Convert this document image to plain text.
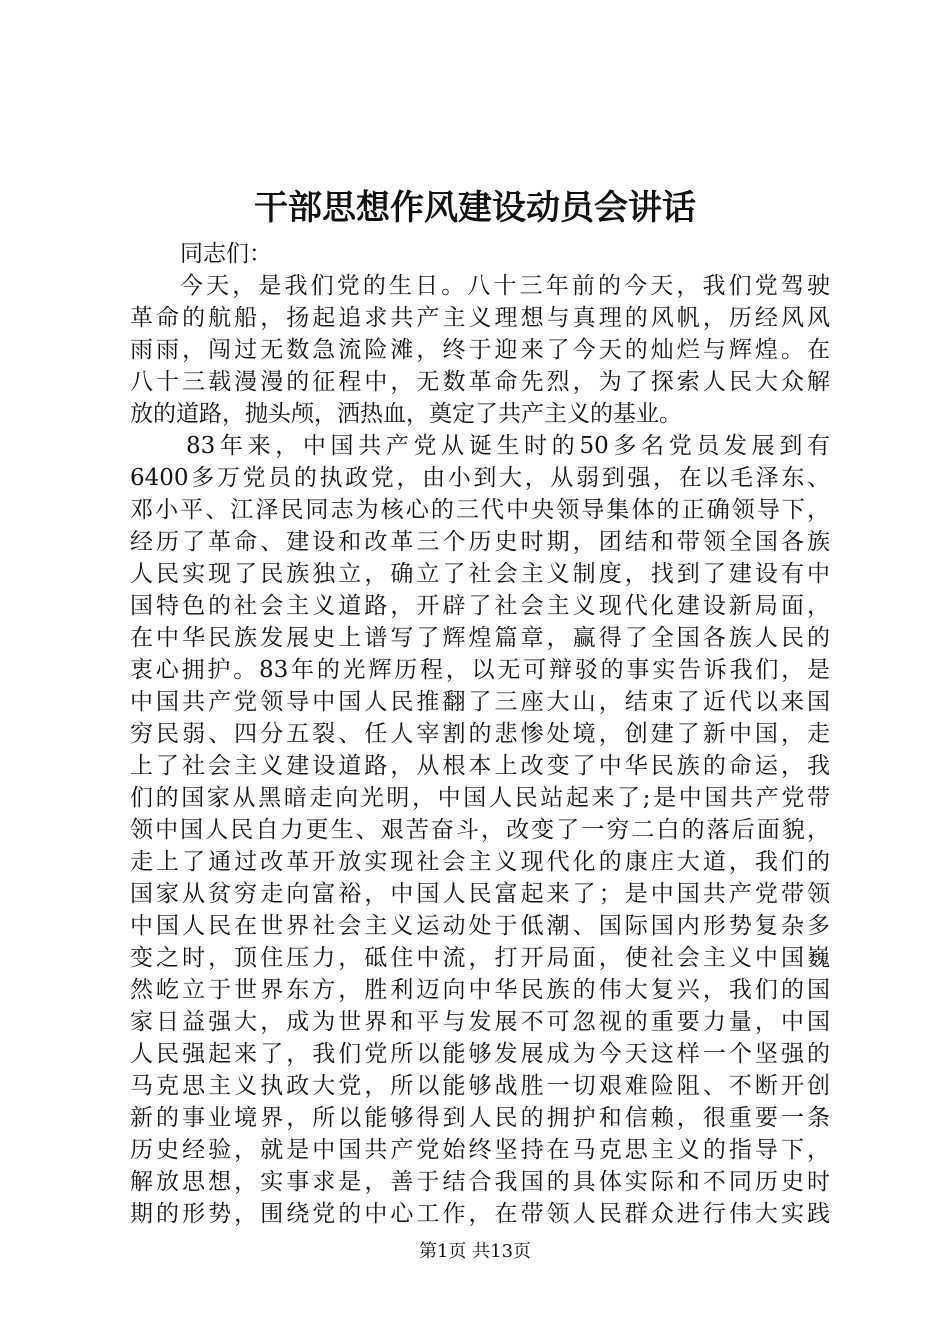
干部思想作风建设动员会讲话
同志们：
今天，是我们党的生日。八十三年前的今天，我们党驾驶
革命的航船，扬起追求共产主义理想与真理的风帆，历经风风
雨雨，闯过无数急流险滩，终于迎来了今天的灿烂与辉煌。在
八十三载漫漫的征程中，无数革命先烈，为了探索人民大众解
放的道路，抛头颅，洒热血，奠定了共产主义的基业。
83年来，中国共产党从诞生时的50多名党员发展到有
6400多万党员的执政党，由小到大，从弱到强，在以毛泽东、
邓小平、江泽民同志为核心的三代中央领导集体的正确领导下，
经历了革命、建设和改革三个历史时期，团结和带领全国各族
人民实现了民族独立，确立了社会主义制度，找到了建设有中
国特色的社会主义道路，开辟了社会主义现代化建设新局面，
在中华民族发展史上谱写了辉煌篇章，赢得了全国各族人民的
衷心拥护。83年的光辉历程，以无可辩驳的事实告诉我们，是
中国共产党领导中国人民推翻了三座大山，结束了近代以来国
穷民弱、四分五裂、任人宰割的悲惨处境，创建了新中国，走
上了社会主义建设道路，从根本上改变了中华民族的命运，我
们的国家从黑暗走向光明，中国人民站起来了;是中国共产党带
领中国人民自力更生、艰苦奋斗，改变了一穷二白的落后面貌，
走上了通过改革开放实现社会主义现代化的康庄大道，我们的
国家从贫穷走向富裕，中国人民富起来了；是中国共产党带领
中国人民在世界社会主义运动处于低潮、国际国内形势复杂多
变之时，顶住压力，砥住中流，打开局面，使社会主义中国巍
然屹立于世界东方，胜利迈向中华民族的伟大复兴，我们的国
家日益强大，成为世界和平与发展不可忽视的重要力量，中国
人民强起来了，我们党所以能够发展成为今天这样一个坚强的
马克思主义执政大党，所以能够战胜一切艰难险阻、不断开创
新的事业境界，所以能够得到人民的拥护和信赖，很重要一条
历史经验，就是中国共产党始终坚持在马克思主义的指导下，
解放思想，实事求是，善于结合我国的具体实际和不同历史时
期的形势，围绕党的中心工作，在带领人民群众进行伟大实践
第1页 共13页
